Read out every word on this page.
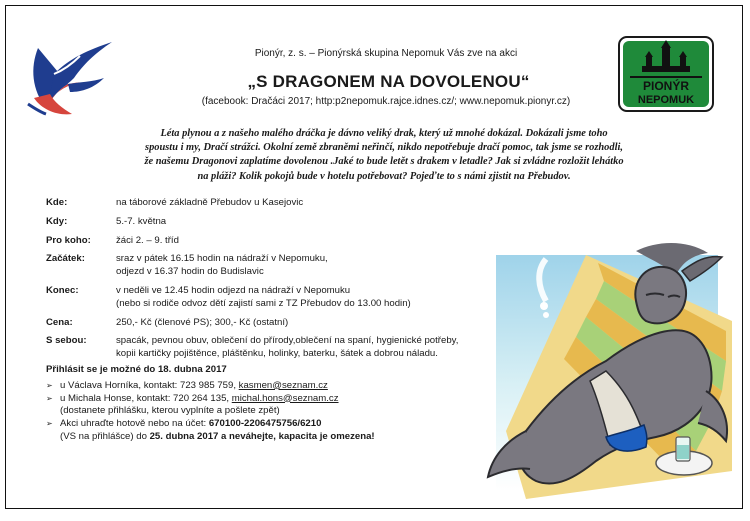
PIONÝR
NEPOMUK
Pionýr, z. s. – Pionýrská skupina Nepomuk Vás zve na akci
„S DRAGONEM NA DOVOLENOU“
(facebook: Dračáci 2017; http:p2nepomuk.rajce.idnes.cz/; www.nepomuk.pionyr.cz)
Léta plynou a z našeho malého dráčka je dávno veliký drak, který už mnohé dokázal. Dokázali jsme toho
spoustu i my, Dračí strážci. Okolní země zbraněmi neřinčí, nikdo nepotřebuje dračí pomoc, tak jsme se rozhodli,
že našemu Dragonovi zaplatíme dovolenou .Jaké to bude letět s drakem v letadle? Jak si zvládne rozložit lehátko
na pláži? Kolik pokojů bude v hotelu potřebovat? Pojeďte to s námi zjistit na Přebudov.
Kde:	na táborové základně Přebudov u Kasejovic
Kdy:	5.-7. května
Pro koho:	žáci 2. – 9. tříd
Začátek:	sraz v pátek 16.15 hodin na nádraží v Nepomuku,
odjezd v 16.37 hodin do Budislavic
Konec:	v neděli ve 12.45 hodin odjezd na nádraží v Nepomuku
(nebo si rodiče odvoz dětí zajistí sami z TZ Přebudov do 13.00 hodin)
Cena:	250,- Kč (členové PS); 300,- Kč (ostatní)
S sebou:	spacák, pevnou obuv, oblečení do přírody,oblečení na spaní, hygienické potřeby,
kopii kartičky pojištěnce, pláštěnku, holinky, baterku, šátek a dobrou náladu.
Přihlásit se je možné do 18. dubna 2017
➢ u Václava Horníka, kontakt: 723 985 759, kasmen@seznam.cz
➢ u Michala Honse, kontakt: 720 264 135, michal.hons@seznam.cz
(dostanete přihlášku, kterou vyplníte a pošlete zpět)
➢ Akci uhraďte hotově nebo na účet: 670100-2206475756/6210
(VS na přihlášce) do 25. dubna 2017 a neváhejte, kapacita je omezena!
